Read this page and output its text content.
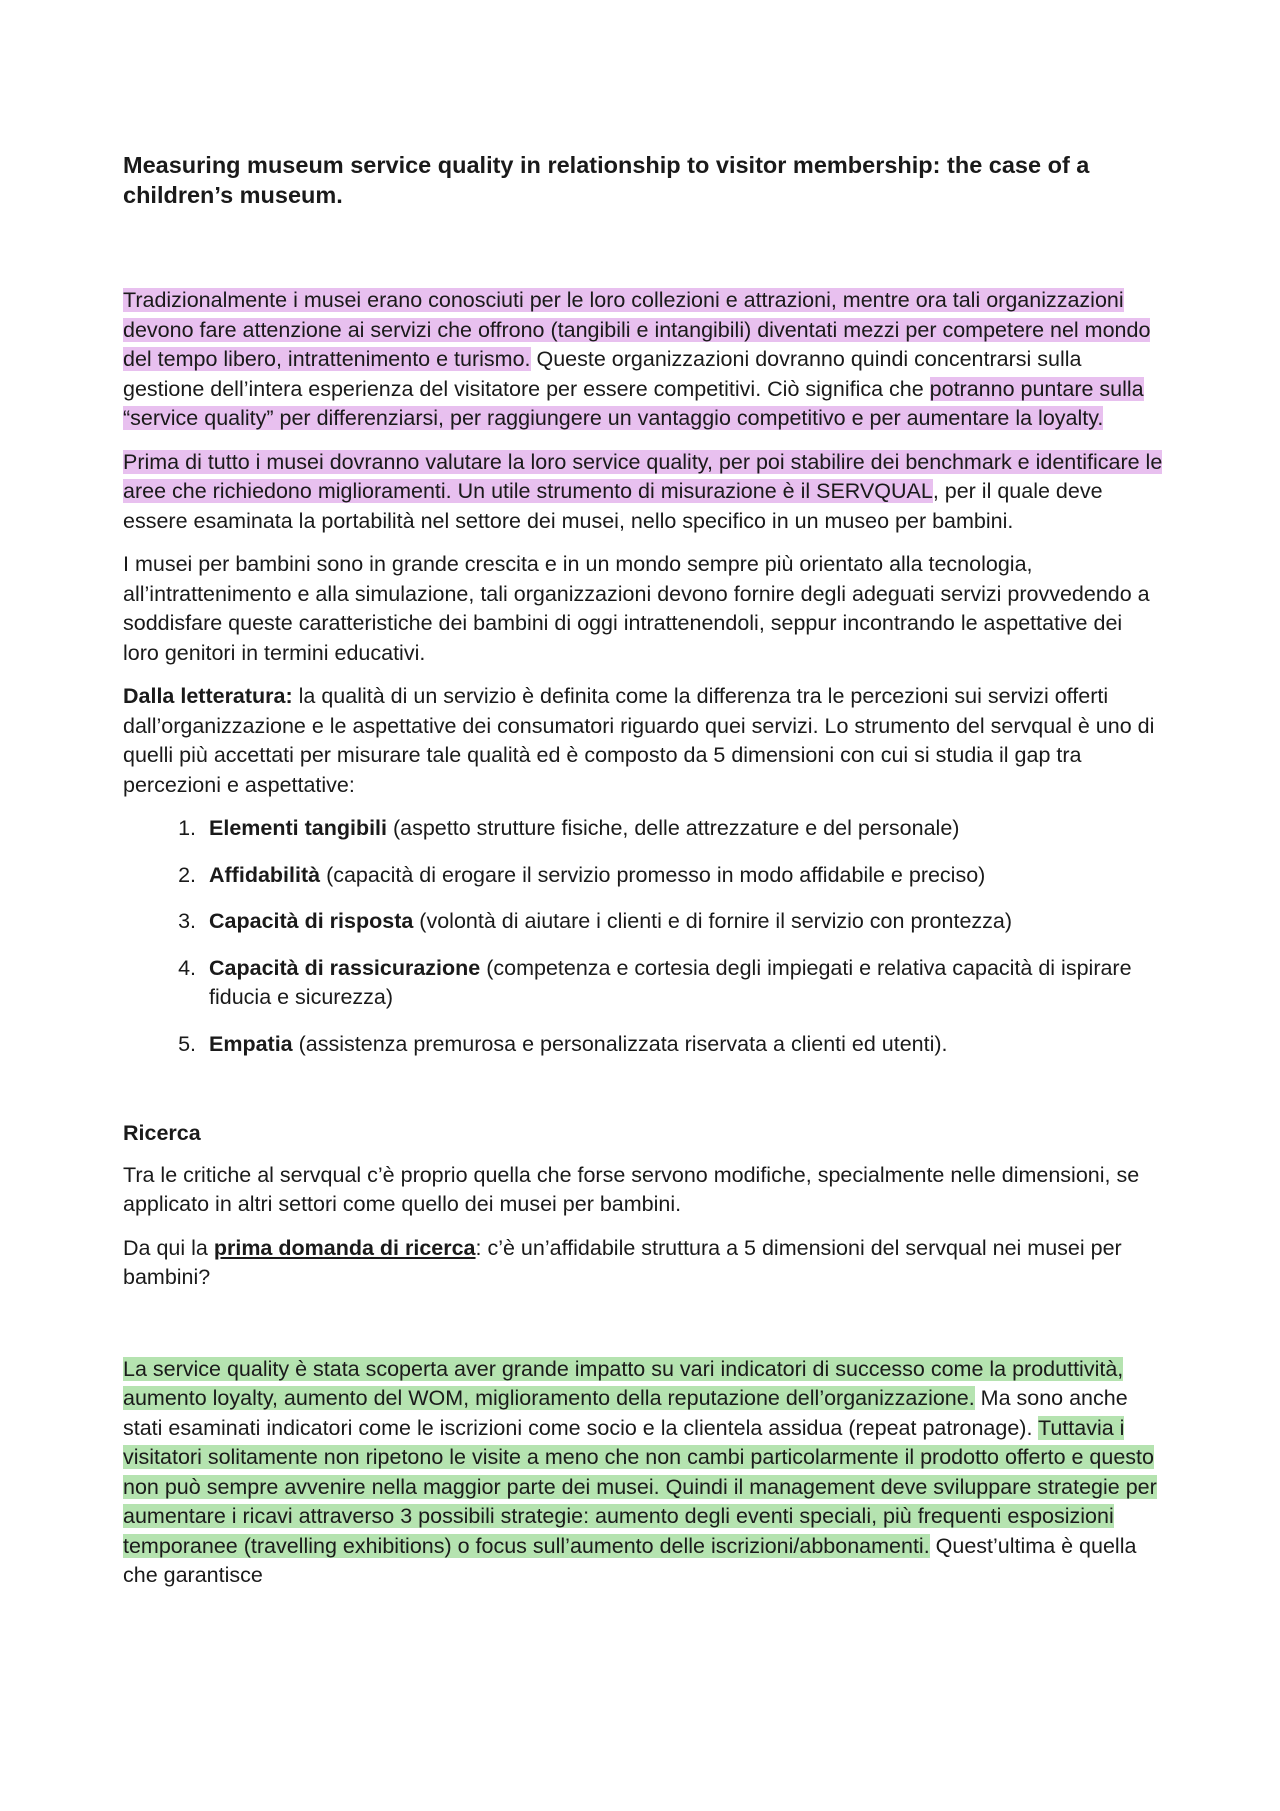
Measuring museum service quality in relationship to visitor membership: the case of a children’s museum.

Tradizionalmente i musei erano conosciuti per le loro collezioni e attrazioni, mentre ora tali organizzazioni devono fare attenzione ai servizi che offrono (tangibili e intangibili) diventati mezzi per competere nel mondo del tempo libero, intrattenimento e turismo. Queste organizzazioni dovranno quindi concentrarsi sulla gestione dell’intera esperienza del visitatore per essere competitivi. Ciò significa che potranno puntare sulla “service quality” per differenziarsi, per raggiungere un vantaggio competitivo e per aumentare la loyalty.

Prima di tutto i musei dovranno valutare la loro service quality, per poi stabilire dei benchmark e identificare le aree che richiedono miglioramenti. Un utile strumento di misurazione è il SERVQUAL, per il quale deve essere esaminata la portabilità nel settore dei musei, nello specifico in un museo per bambini.

I musei per bambini sono in grande crescita e in un mondo sempre più orientato alla tecnologia, all’intrattenimento e alla simulazione, tali organizzazioni devono fornire degli adeguati servizi provvedendo a soddisfare queste caratteristiche dei bambini di oggi intrattenendoli, seppur incontrando le aspettative dei loro genitori in termini educativi.

Dalla letteratura: la qualità di un servizio è definita come la differenza tra le percezioni sui servizi offerti dall’organizzazione e le aspettative dei consumatori riguardo quei servizi. Lo strumento del servqual è uno di quelli più accettati per misurare tale qualità ed è composto da 5 dimensioni con cui si studia il gap tra percezioni e aspettative:

1. Elementi tangibili (aspetto strutture fisiche, delle attrezzature e del personale)
2. Affidabilità (capacità di erogare il servizio promesso in modo affidabile e preciso)
3. Capacità di risposta (volontà di aiutare i clienti e di fornire il servizio con prontezza)
4. Capacità di rassicurazione (competenza e cortesia degli impiegati e relativa capacità di ispirare fiducia e sicurezza)
5. Empatia (assistenza premurosa e personalizzata riservata a clienti ed utenti).
Ricerca

Tra le critiche al servqual c’è proprio quella che forse servono modifiche, specialmente nelle dimensioni, se applicato in altri settori come quello dei musei per bambini.

Da qui la prima domanda di ricerca: c’è un’affidabile struttura a 5 dimensioni del servqual nei musei per bambini?

La service quality è stata scoperta aver grande impatto su vari indicatori di successo come la produttività, aumento loyalty, aumento del WOM, miglioramento della reputazione dell’organizzazione. Ma sono anche stati esaminati indicatori come le iscrizioni come socio e la clientela assidua (repeat patronage). Tuttavia i visitatori solitamente non ripetono le visite a meno che non cambi particolarmente il prodotto offerto e questo non può sempre avvenire nella maggior parte dei musei. Quindi il management deve sviluppare strategie per aumentare i ricavi attraverso 3 possibili strategie: aumento degli eventi speciali, più frequenti esposizioni temporanee (travelling exhibitions) o focus sull’aumento delle iscrizioni/abbonamenti. Quest’ultima è quella che garantisce
